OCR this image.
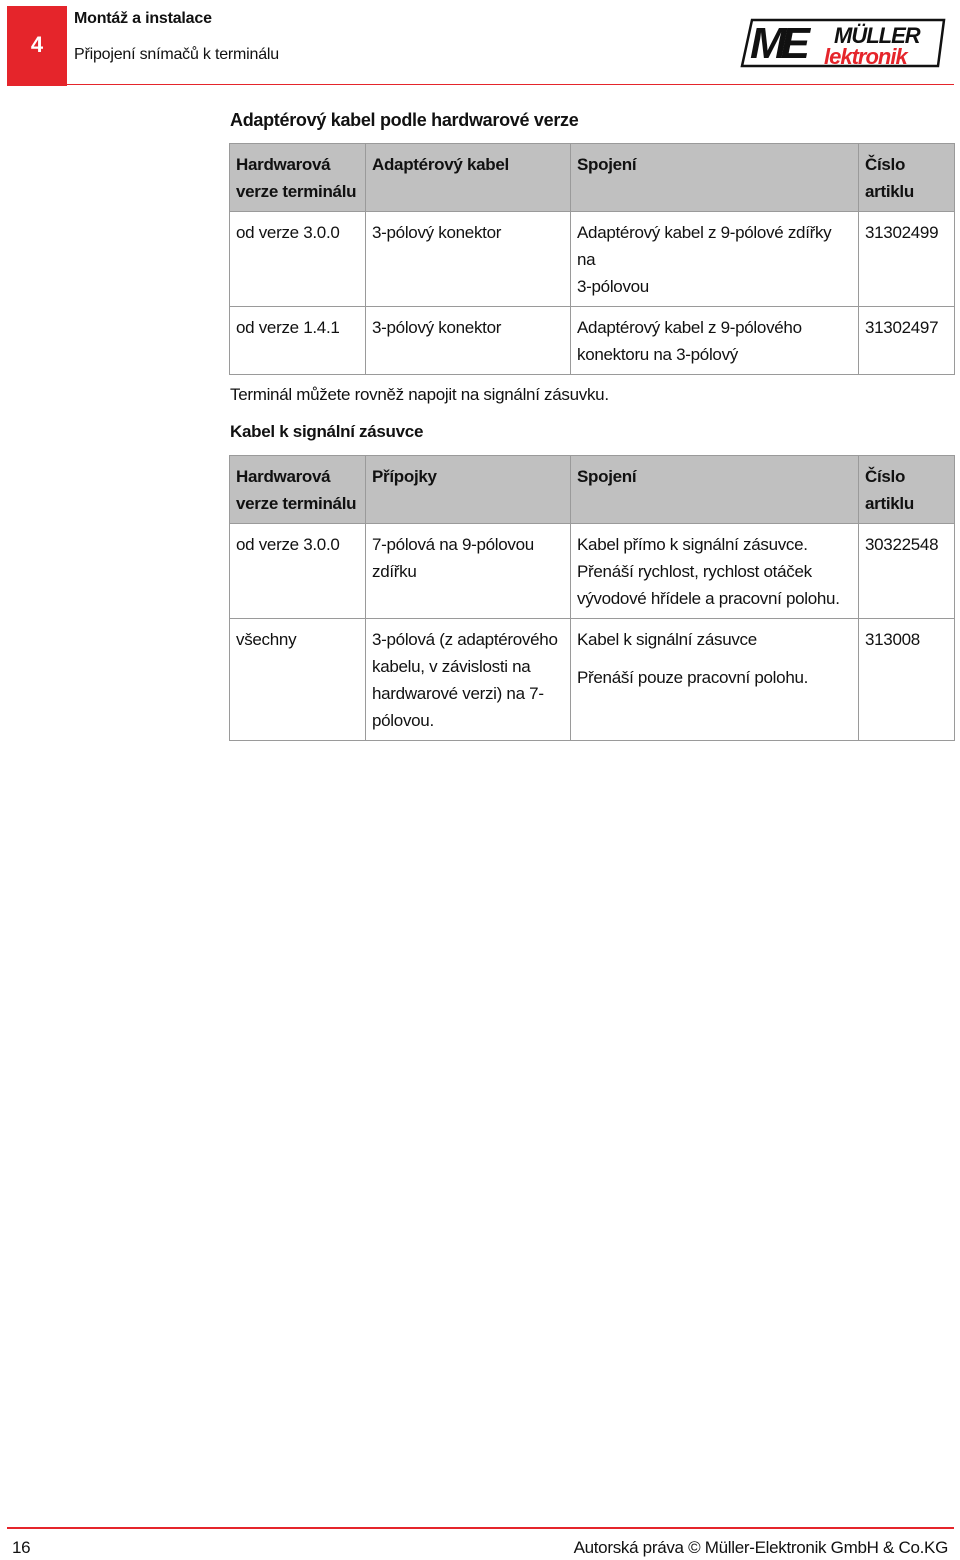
4
Montáž a instalace
Připojení snímačů k terminálu	ME	MÜLLER
lektronik
Adaptérový kabel podle hardwarové verze
Hardwarová
verze terminálu	Adaptérový kabel	Spojení	Číslo
artiklu

od verze 3.0.0	3-pólový konektor	Adaptérový kabel z 9-pólové zdířky na
3-pólovou	31302499

od verze 1.4.1	3-pólový konektor	Adaptérový kabel z 9-pólového
konektoru na 3-pólový	31302497
Terminál můžete rovněž napojit na signální zásuvku.
Kabel k signální zásuvce
Hardwarová
verze terminálu	Přípojky	Spojení	Číslo
artiklu

od verze 3.0.0	7-pólová na 9-pólovou
zdířku	Kabel přímo k signální zásuvce.
Přenáší rychlost, rychlost otáček
vývodové hřídele a pracovní polohu.	30322548

všechny	3-pólová (z adaptérového
kabelu, v závislosti na
hardwarové verzi) na 7-
pólovou.	Kabel k signální zásuvce
Přenáší pouze pracovní polohu.	313008
16	Autorská práva © Müller-Elektronik GmbH & Co.KG
